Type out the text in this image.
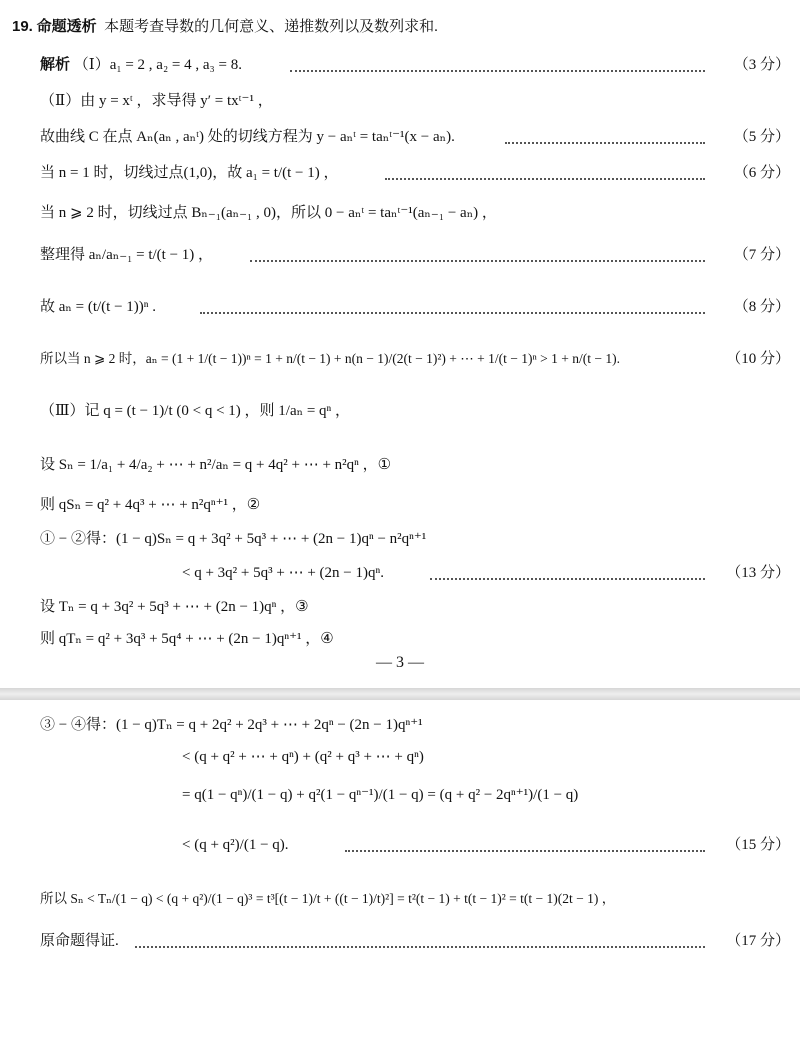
19. 命题透析 本题考查导数的几何意义、递推数列以及数列求和.
解析 （Ⅰ）a₁ = 2 , a₂ = 4 , a₃ = 8.	（3 分）
（Ⅱ）由 y = xᵗ ，求导得 y′ = txᵗ⁻¹ ，
故曲线 C 在点 Aₙ(aₙ , aₙᵗ) 处的切线方程为 y − aₙᵗ = taₙᵗ⁻¹(x − aₙ).	（5 分）
当 n = 1 时，切线过点(1,0)，故 a₁ = t/(t − 1) ，	（6 分）
当 n ⩾ 2 时，切线过点 Bₙ₋₁(aₙ₋₁ , 0)，所以 0 − aₙᵗ = taₙᵗ⁻¹(aₙ₋₁ − aₙ) ，
整理得 aₙ/aₙ₋₁ = t/(t − 1) ，	（7 分）
故 aₙ = (t/(t − 1))ⁿ .	（8 分）
所以当 n ⩾ 2 时，aₙ = (1 + 1/(t − 1))ⁿ = 1 + n/(t − 1) + n(n − 1)/(2(t − 1)²) + ⋯ + 1/(t − 1)ⁿ > 1 + n/(t − 1).	（10 分）
（Ⅲ）记 q = (t − 1)/t (0 < q < 1) ，则 1/aₙ = qⁿ ，
设 Sₙ = 1/a₁ + 4/a₂ + ⋯ + n²/aₙ = q + 4q² + ⋯ + n²qⁿ ，①
则 qSₙ = q² + 4q³ + ⋯ + n²qⁿ⁺¹ ，②
① − ②得：(1 − q)Sₙ = q + 3q² + 5q³ + ⋯ + (2n − 1)qⁿ − n²qⁿ⁺¹
< q + 3q² + 5q³ + ⋯ + (2n − 1)qⁿ.	（13 分）
设 Tₙ = q + 3q² + 5q³ + ⋯ + (2n − 1)qⁿ ，③
则 qTₙ = q² + 3q³ + 5q⁴ + ⋯ + (2n − 1)qⁿ⁺¹ ，④
— 3 —
③ − ④得：(1 − q)Tₙ = q + 2q² + 2q³ + ⋯ + 2qⁿ − (2n − 1)qⁿ⁺¹
< (q + q² + ⋯ + qⁿ) + (q² + q³ + ⋯ + qⁿ)
= q(1 − qⁿ)/(1 − q) + q²(1 − qⁿ⁻¹)/(1 − q) = (q + q² − 2qⁿ⁺¹)/(1 − q)
< (q + q²)/(1 − q).	（15 分）
所以 Sₙ < Tₙ/(1 − q) < (q + q²)/(1 − q)³ = t³[(t − 1)/t + ((t − 1)/t)²] = t²(t − 1) + t(t − 1)² = t(t − 1)(2t − 1) ，
原命题得证.	（17 分）
